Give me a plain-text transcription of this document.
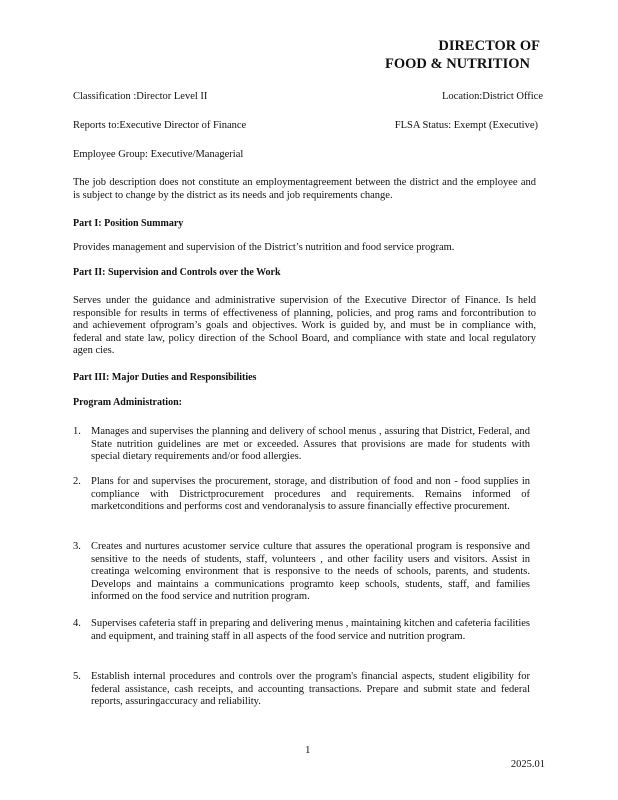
DIRECTOR OF
FOOD & NUTRITION
Classification :Director Level II	Location:District Office
Reports to:Executive Director of Finance	FLSA Status: Exempt (Executive)
Employee Group: Executive/Managerial
The job description does not constitute an employmentagreement between the district and the employee and is subject to change by the district as its needs and job requirements change.
Part I: Position Summary
Provides management and supervision of the District’s nutrition and food service program.
Part II: Supervision and Controls over the Work
Serves under the guidance and administrative supervision of the Executive Director of Finance. Is held responsible for results in terms of effectiveness of planning, policies, and prog rams and forcontribution to and achievement ofprogram’s goals and objectives. Work is guided by, and must be in compliance with, federal and state law, policy direction of the School Board, and compliance with state and local regulatory agen cies.
Part III: Major Duties and Responsibilities
Program Administration:
1. Manages and supervises the planning and delivery of school menus , assuring that District, Federal, and State nutrition guidelines are met or exceeded. Assures that provisions are made for students with special dietary requirements and/or food allergies.
2. Plans for and supervises the procurement, storage, and distribution of food and non - food supplies in compliance with Districtprocurement procedures and requirements. Remains informed of marketconditions and performs cost and vendoranalysis to assure financially effective procurement.
3. Creates and nurtures acustomer service culture that assures the operational program is responsive and sensitive to the needs of students, staff, volunteers , and other facility users and visitors. Assist in creatinga welcoming environment that is responsive to the needs of schools, parents, and students. Develops and maintains a communications programto keep schools, students, staff, and families informed on the food service and nutrition program.
4. Supervises cafeteria staff in preparing and delivering menus , maintaining kitchen and cafeteria facilities and equipment, and training staff in all aspects of the food service and nutrition program.
5. Establish internal procedures and controls over the program's financial aspects, student eligibility for federal assistance, cash receipts, and accounting transactions. Prepare and submit state and federal reports, assuringaccuracy and reliability.
1
2025.01
